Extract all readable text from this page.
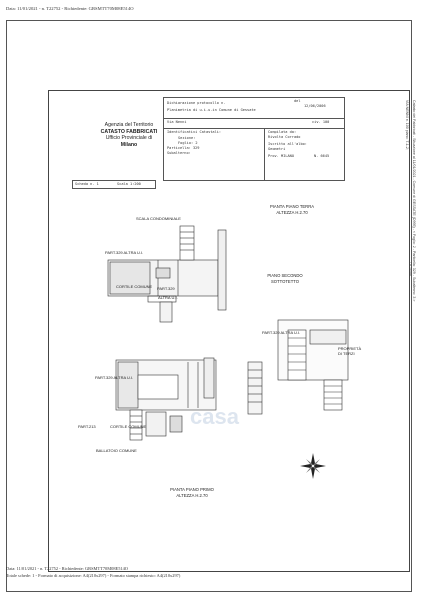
Data: 11/01/2021 - n. T22752 - Richiedente: GRSMTT70M08E514O
Agenzia del Territorio
CATASTO FABBRICATI
Ufficio Provinciale di
Milano
Dichiarazione protocollo n.	del
12/06/2006
Planimetria di u.i.u.in Comune di Gessate
Via Nenni	civ. 100
Identificativi Catastali:
Sezione:
Foglio: 2
Particella: 329
Subalterno:
Compilata da:
Rivolta Corrado
Iscritto all'albo:
Geometri
Prov. MILANO	N. 6645
Scheda n. 1	Scala 1:200
PIANTA PIANO TERRA
ALTEZZA H.2.70
PIANO SECONDO
SOTTOTETTO
PIANTA PIANO PRIMO
ALTEZZA H.2.70
SCALA CONDOMINIALE
PART.329 ALTRA U.I.
CORTILE COMUNE PART.329
ALTRA U.I.
PROPRIETÀ DI TERZI
PART.329 ALTRA U.I.
PART.329 ALTRA U.I.
PART.213	CORTILE COMUNE
BALLATOIO COMUNE
casa
Catasto dei Fabbricati - Situazione al 11/01/2021 - Comune di GESSATE (D995) - < Foglio: 2 - Particella: 329 - Subalterno: 3 >
VIA NENNI n. 100 piano: T-1-2;
ULTIMA
Data: 11/01/2021 - n. T22752 - Richiedente: GRSMTT70M08E514O
Totale schede: 1 - Formato di acquisizione: A4(210x297) - Formato stampa richiesto: A4(210x297)
